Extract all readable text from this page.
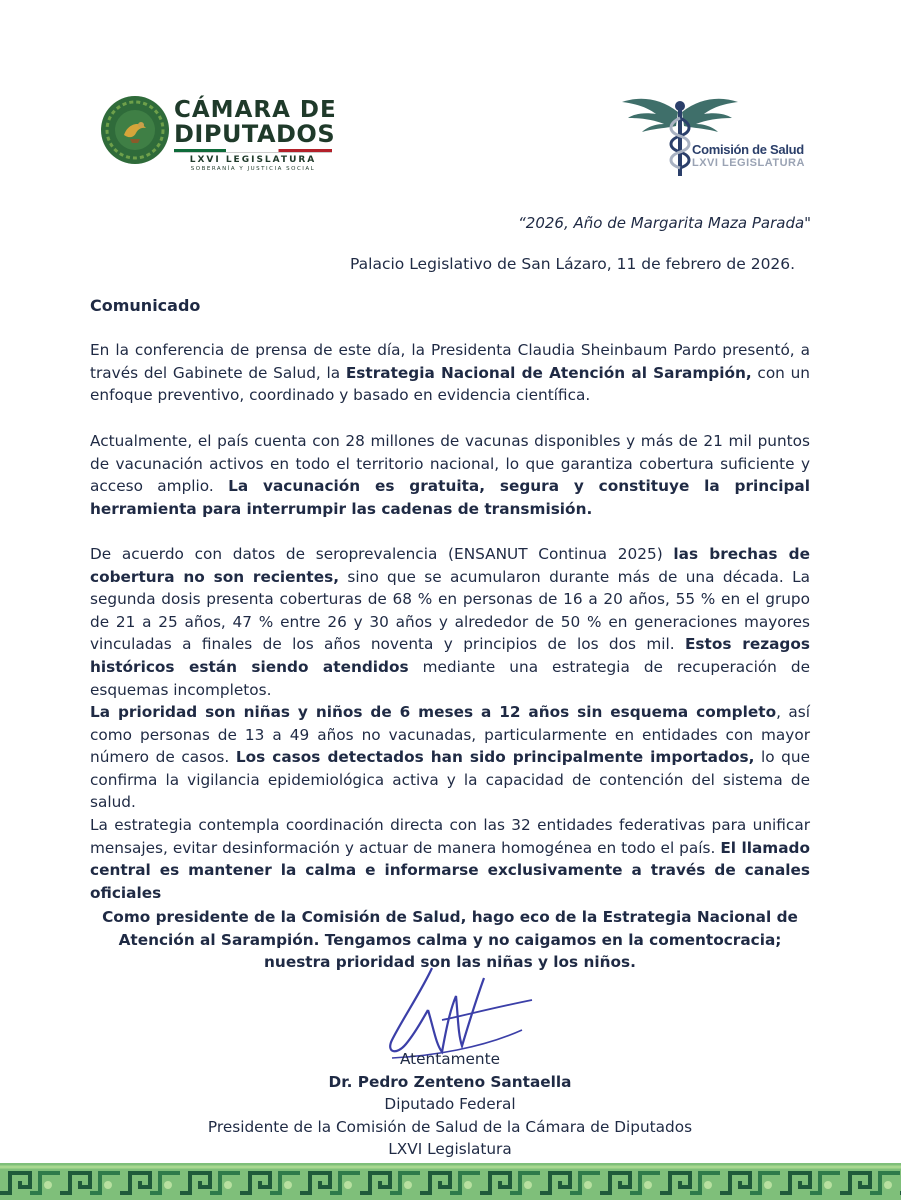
CÁMARA DE
DIPUTADOS
LXVI LEGISLATURA
SOBERANÍA Y JUSTICIA SOCIAL
Comisión de Salud
LXVI LEGISLATURA
“2026, Año de Margarita Maza Parada"
Palacio Legislativo de San Lázaro, 11 de febrero de 2026.
Comunicado
En la conferencia de prensa de este día, la Presidenta Claudia Sheinbaum Pardo presentó, a través del Gabinete de Salud, la Estrategia Nacional de Atención al Sarampión, con un enfoque preventivo, coordinado y basado en evidencia científica.
Actualmente, el país cuenta con 28 millones de vacunas disponibles y más de 21 mil puntos de vacunación activos en todo el territorio nacional, lo que garantiza cobertura suficiente y acceso amplio. La vacunación es gratuita, segura y constituye la principal herramienta para interrumpir las cadenas de transmisión.
De acuerdo con datos de seroprevalencia (ENSANUT Continua 2025) las brechas de cobertura no son recientes, sino que se acumularon durante más de una década. La segunda dosis presenta coberturas de 68 % en personas de 16 a 20 años, 55 % en el grupo de 21 a 25 años, 47 % entre 26 y 30 años y alrededor de 50 % en generaciones mayores vinculadas a finales de los años noventa y principios de los dos mil. Estos rezagos históricos están siendo atendidos mediante una estrategia de recuperación de esquemas incompletos.
La prioridad son niñas y niños de 6 meses a 12 años sin esquema completo, así como personas de 13 a 49 años no vacunadas, particularmente en entidades con mayor número de casos. Los casos detectados han sido principalmente importados, lo que confirma la vigilancia epidemiológica activa y la capacidad de contención del sistema de salud.
La estrategia contempla coordinación directa con las 32 entidades federativas para unificar mensajes, evitar desinformación y actuar de manera homogénea en todo el país. El llamado central es mantener la calma e informarse exclusivamente a través de canales oficiales
Como presidente de la Comisión de Salud, hago eco de la Estrategia Nacional de Atención al Sarampión. Tengamos calma y no caigamos en la comentocracia; nuestra prioridad son las niñas y los niños.
Atentamente
Dr. Pedro Zenteno Santaella
Diputado Federal
Presidente de la Comisión de Salud de la Cámara de Diputados
LXVI Legislatura
